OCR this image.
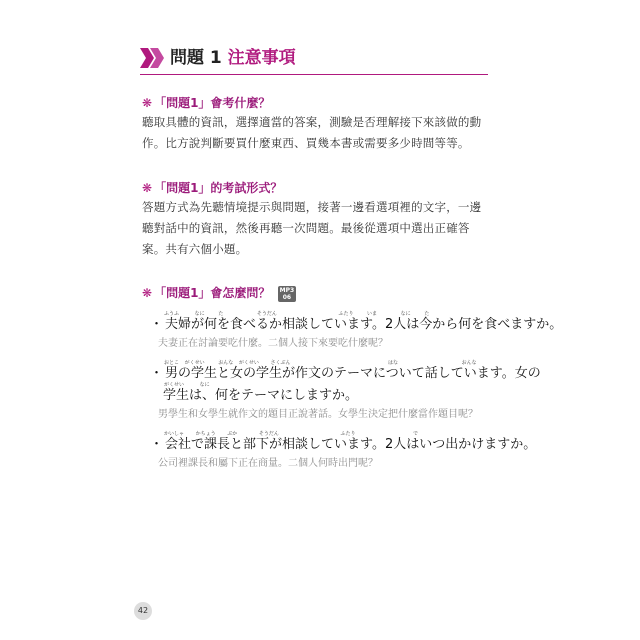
問題 1 注意事項
❋ 「問題1」會考什麼？
聽取具體的資訊，選擇適當的答案，測驗是否理解接下來該做的動作。比方說判斷要買什麼東西、買幾本書或需要多少時間等等。
❋ 「問題1」的考試形式？
答題方式為先聽情境提示與問題，接著一邊看選項裡的文字，一邊聽對話中的資訊，然後再聽一次問題。最後從選項中選出正確答案。共有六個小題。
❋ 「問題1」會怎麼問？ MP3
06
ふうふ	なに	た	そうだん	ふたり	いま	なに	た
・ 夫婦が何を食べるか相談しています。2人は今から何を食べますか。
夫妻正在討論要吃什麼。二個人接下來要吃什麼呢？
おとこ がくせい	おんな がくせい さくぶん	はな	おんな
・ 男の学生と女の学生が作文のテーマについて話しています。女の
がくせい	なに
学生は、何をテーマにしますか。
男學生和女學生就作文的題目正說著話。女學生決定把什麼當作題目呢？
かいしゃ かちょう ぶか	そうだん	ふたり	で
・ 会社で課長と部下が相談しています。2人はいつ出かけますか。
公司裡課長和屬下正在商量。二個人何時出門呢？
42
